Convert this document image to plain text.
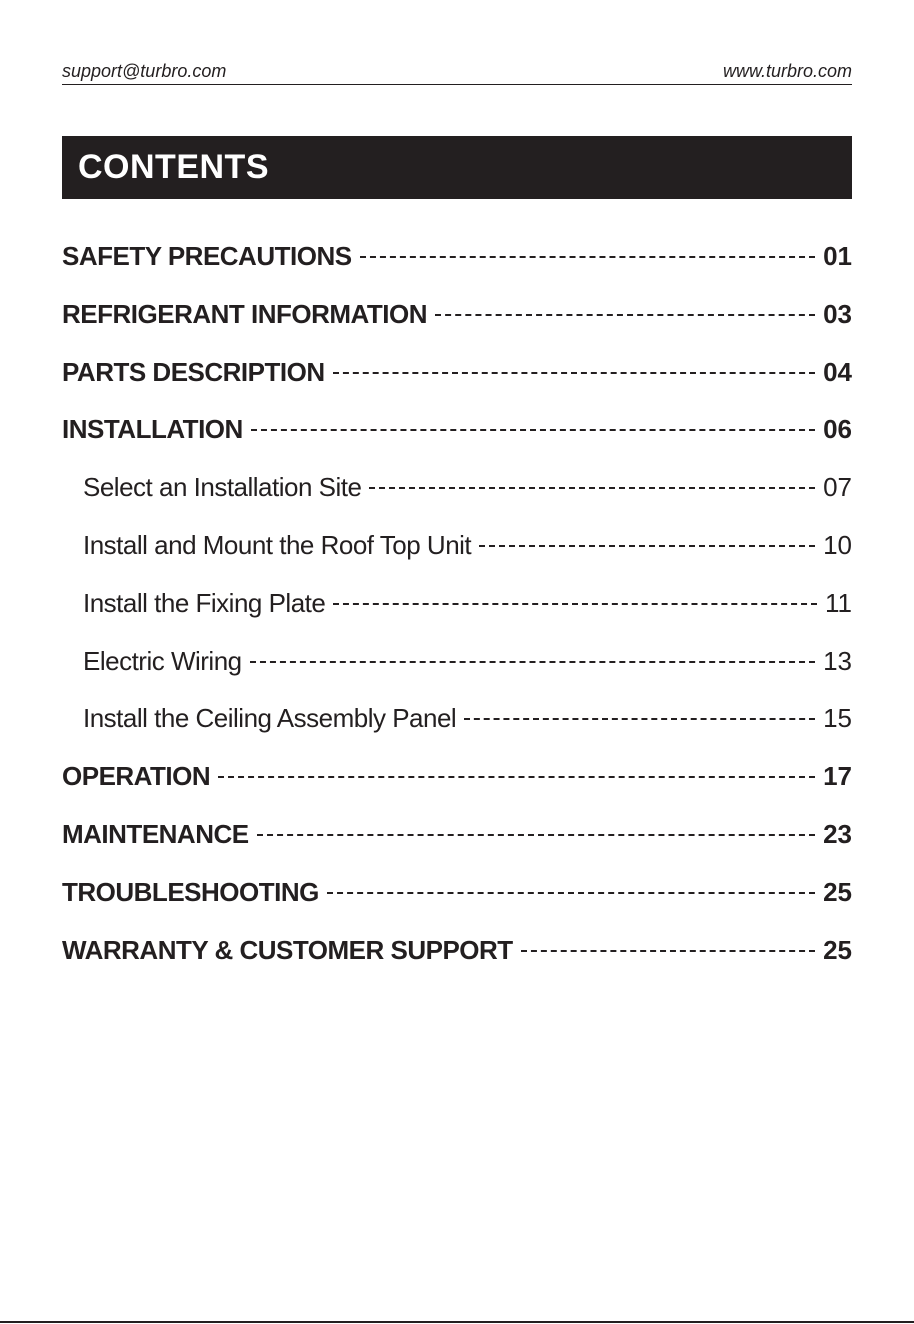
support@turbro.com	www.turbro.com
CONTENTS
SAFETY PRECAUTIONS	01
REFRIGERANT INFORMATION	03
PARTS DESCRIPTION	04
INSTALLATION	06
Select an Installation Site	07
Install and Mount the Roof Top Unit	10
Install the Fixing Plate	11
Electric Wiring	13
Install the Ceiling Assembly Panel	15
OPERATION	17
MAINTENANCE	23
TROUBLESHOOTING	25
WARRANTY & CUSTOMER SUPPORT	25
